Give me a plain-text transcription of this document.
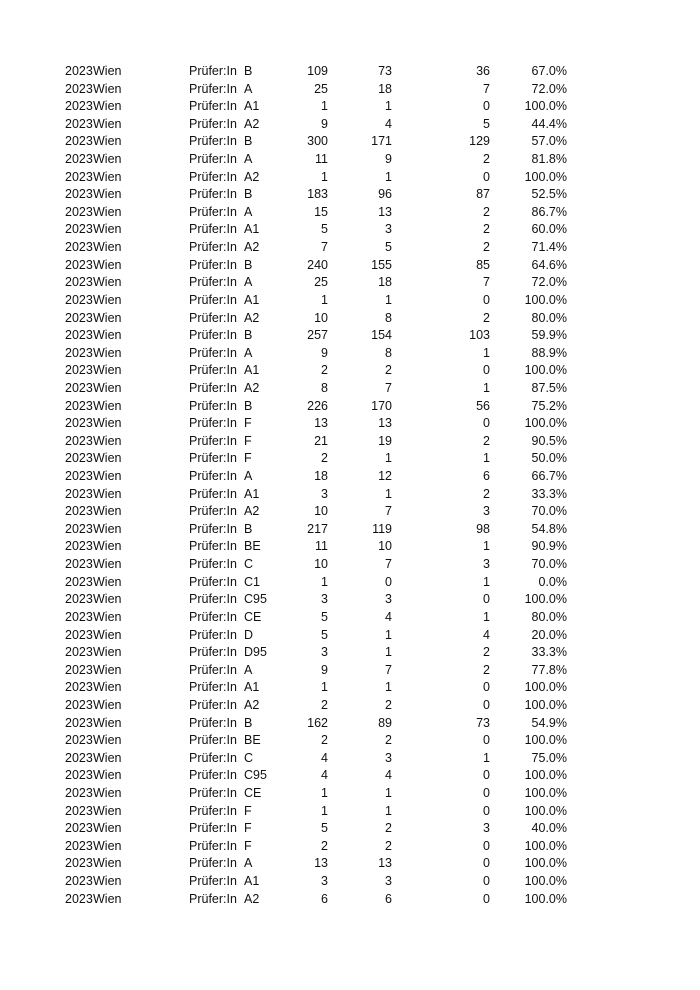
2023 Wien	Prüfer:In B	109	73	36	67.0%
2023 Wien	Prüfer:In A	25	18	7	72.0%
2023 Wien	Prüfer:In A1	1	1	0	100.0%
2023 Wien	Prüfer:In A2	9	4	5	44.4%
2023 Wien	Prüfer:In B	300	171	129	57.0%
2023 Wien	Prüfer:In A	11	9	2	81.8%
2023 Wien	Prüfer:In A2	1	1	0	100.0%
2023 Wien	Prüfer:In B	183	96	87	52.5%
2023 Wien	Prüfer:In A	15	13	2	86.7%
2023 Wien	Prüfer:In A1	5	3	2	60.0%
2023 Wien	Prüfer:In A2	7	5	2	71.4%
2023 Wien	Prüfer:In B	240	155	85	64.6%
2023 Wien	Prüfer:In A	25	18	7	72.0%
2023 Wien	Prüfer:In A1	1	1	0	100.0%
2023 Wien	Prüfer:In A2	10	8	2	80.0%
2023 Wien	Prüfer:In B	257	154	103	59.9%
2023 Wien	Prüfer:In A	9	8	1	88.9%
2023 Wien	Prüfer:In A1	2	2	0	100.0%
2023 Wien	Prüfer:In A2	8	7	1	87.5%
2023 Wien	Prüfer:In B	226	170	56	75.2%
2023 Wien	Prüfer:In F	13	13	0	100.0%
2023 Wien	Prüfer:In F	21	19	2	90.5%
2023 Wien	Prüfer:In F	2	1	1	50.0%
2023 Wien	Prüfer:In A	18	12	6	66.7%
2023 Wien	Prüfer:In A1	3	1	2	33.3%
2023 Wien	Prüfer:In A2	10	7	3	70.0%
2023 Wien	Prüfer:In B	217	119	98	54.8%
2023 Wien	Prüfer:In BE	11	10	1	90.9%
2023 Wien	Prüfer:In C	10	7	3	70.0%
2023 Wien	Prüfer:In C1	1	0	1	0.0%
2023 Wien	Prüfer:In C95	3	3	0	100.0%
2023 Wien	Prüfer:In CE	5	4	1	80.0%
2023 Wien	Prüfer:In D	5	1	4	20.0%
2023 Wien	Prüfer:In D95	3	1	2	33.3%
2023 Wien	Prüfer:In A	9	7	2	77.8%
2023 Wien	Prüfer:In A1	1	1	0	100.0%
2023 Wien	Prüfer:In A2	2	2	0	100.0%
2023 Wien	Prüfer:In B	162	89	73	54.9%
2023 Wien	Prüfer:In BE	2	2	0	100.0%
2023 Wien	Prüfer:In C	4	3	1	75.0%
2023 Wien	Prüfer:In C95	4	4	0	100.0%
2023 Wien	Prüfer:In CE	1	1	0	100.0%
2023 Wien	Prüfer:In F	1	1	0	100.0%
2023 Wien	Prüfer:In F	5	2	3	40.0%
2023 Wien	Prüfer:In F	2	2	0	100.0%
2023 Wien	Prüfer:In A	13	13	0	100.0%
2023 Wien	Prüfer:In A1	3	3	0	100.0%
2023 Wien	Prüfer:In A2	6	6	0	100.0%
